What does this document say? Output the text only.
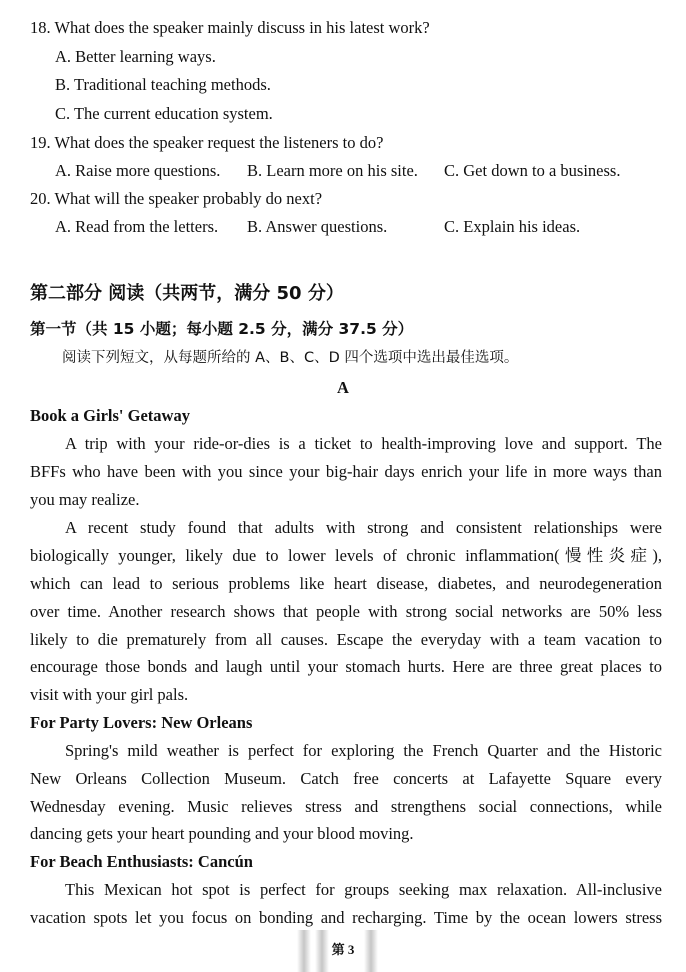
18. What does the speaker mainly discuss in his latest work?
A. Better learning ways.
B. Traditional teaching methods.
C. The current education system.
19. What does the speaker request the listeners to do?
A. Raise more questions. B. Learn more on his site. C. Get down to a business.
20. What will the speaker probably do next?
A. Read from the letters. B. Answer questions.	C. Explain his ideas.
第二部分 阅读（共两节，满分 50 分）
第一节（共 15 小题；每小题 2.5 分，满分 37.5 分）
阅读下列短文，从每题所给的 A、B、C、D 四个选项中选出最佳选项。
A
Book a Girls' Getaway
A trip with your ride-or-dies is a ticket to health-improving love and support. The
BFFs who have been with you since your big-hair days enrich your life in more ways than
you may realize.
A recent study found that adults with strong and consistent relationships were
biologically younger, likely due to lower levels of chronic inflammation(慢性炎症),
which can lead to serious problems like heart disease, diabetes, and neurodegeneration
over time. Another research shows that people with strong social networks are 50% less
likely to die prematurely from all causes. Escape the everyday with a team vacation to
encourage those bonds and laugh until your stomach hurts. Here are three great places to
visit with your girl pals.
For Party Lovers: New Orleans
Spring's mild weather is perfect for exploring the French Quarter and the Historic
New Orleans Collection Museum. Catch free concerts at Lafayette Square every
Wednesday evening. Music relieves stress and strengthens social connections, while
dancing gets your heart pounding and your blood moving.
For Beach Enthusiasts: Cancún
This Mexican hot spot is perfect for groups seeking max relaxation. All-inclusive
vacation spots let you focus on bonding and recharging. Time by the ocean lowers stress
第 3
